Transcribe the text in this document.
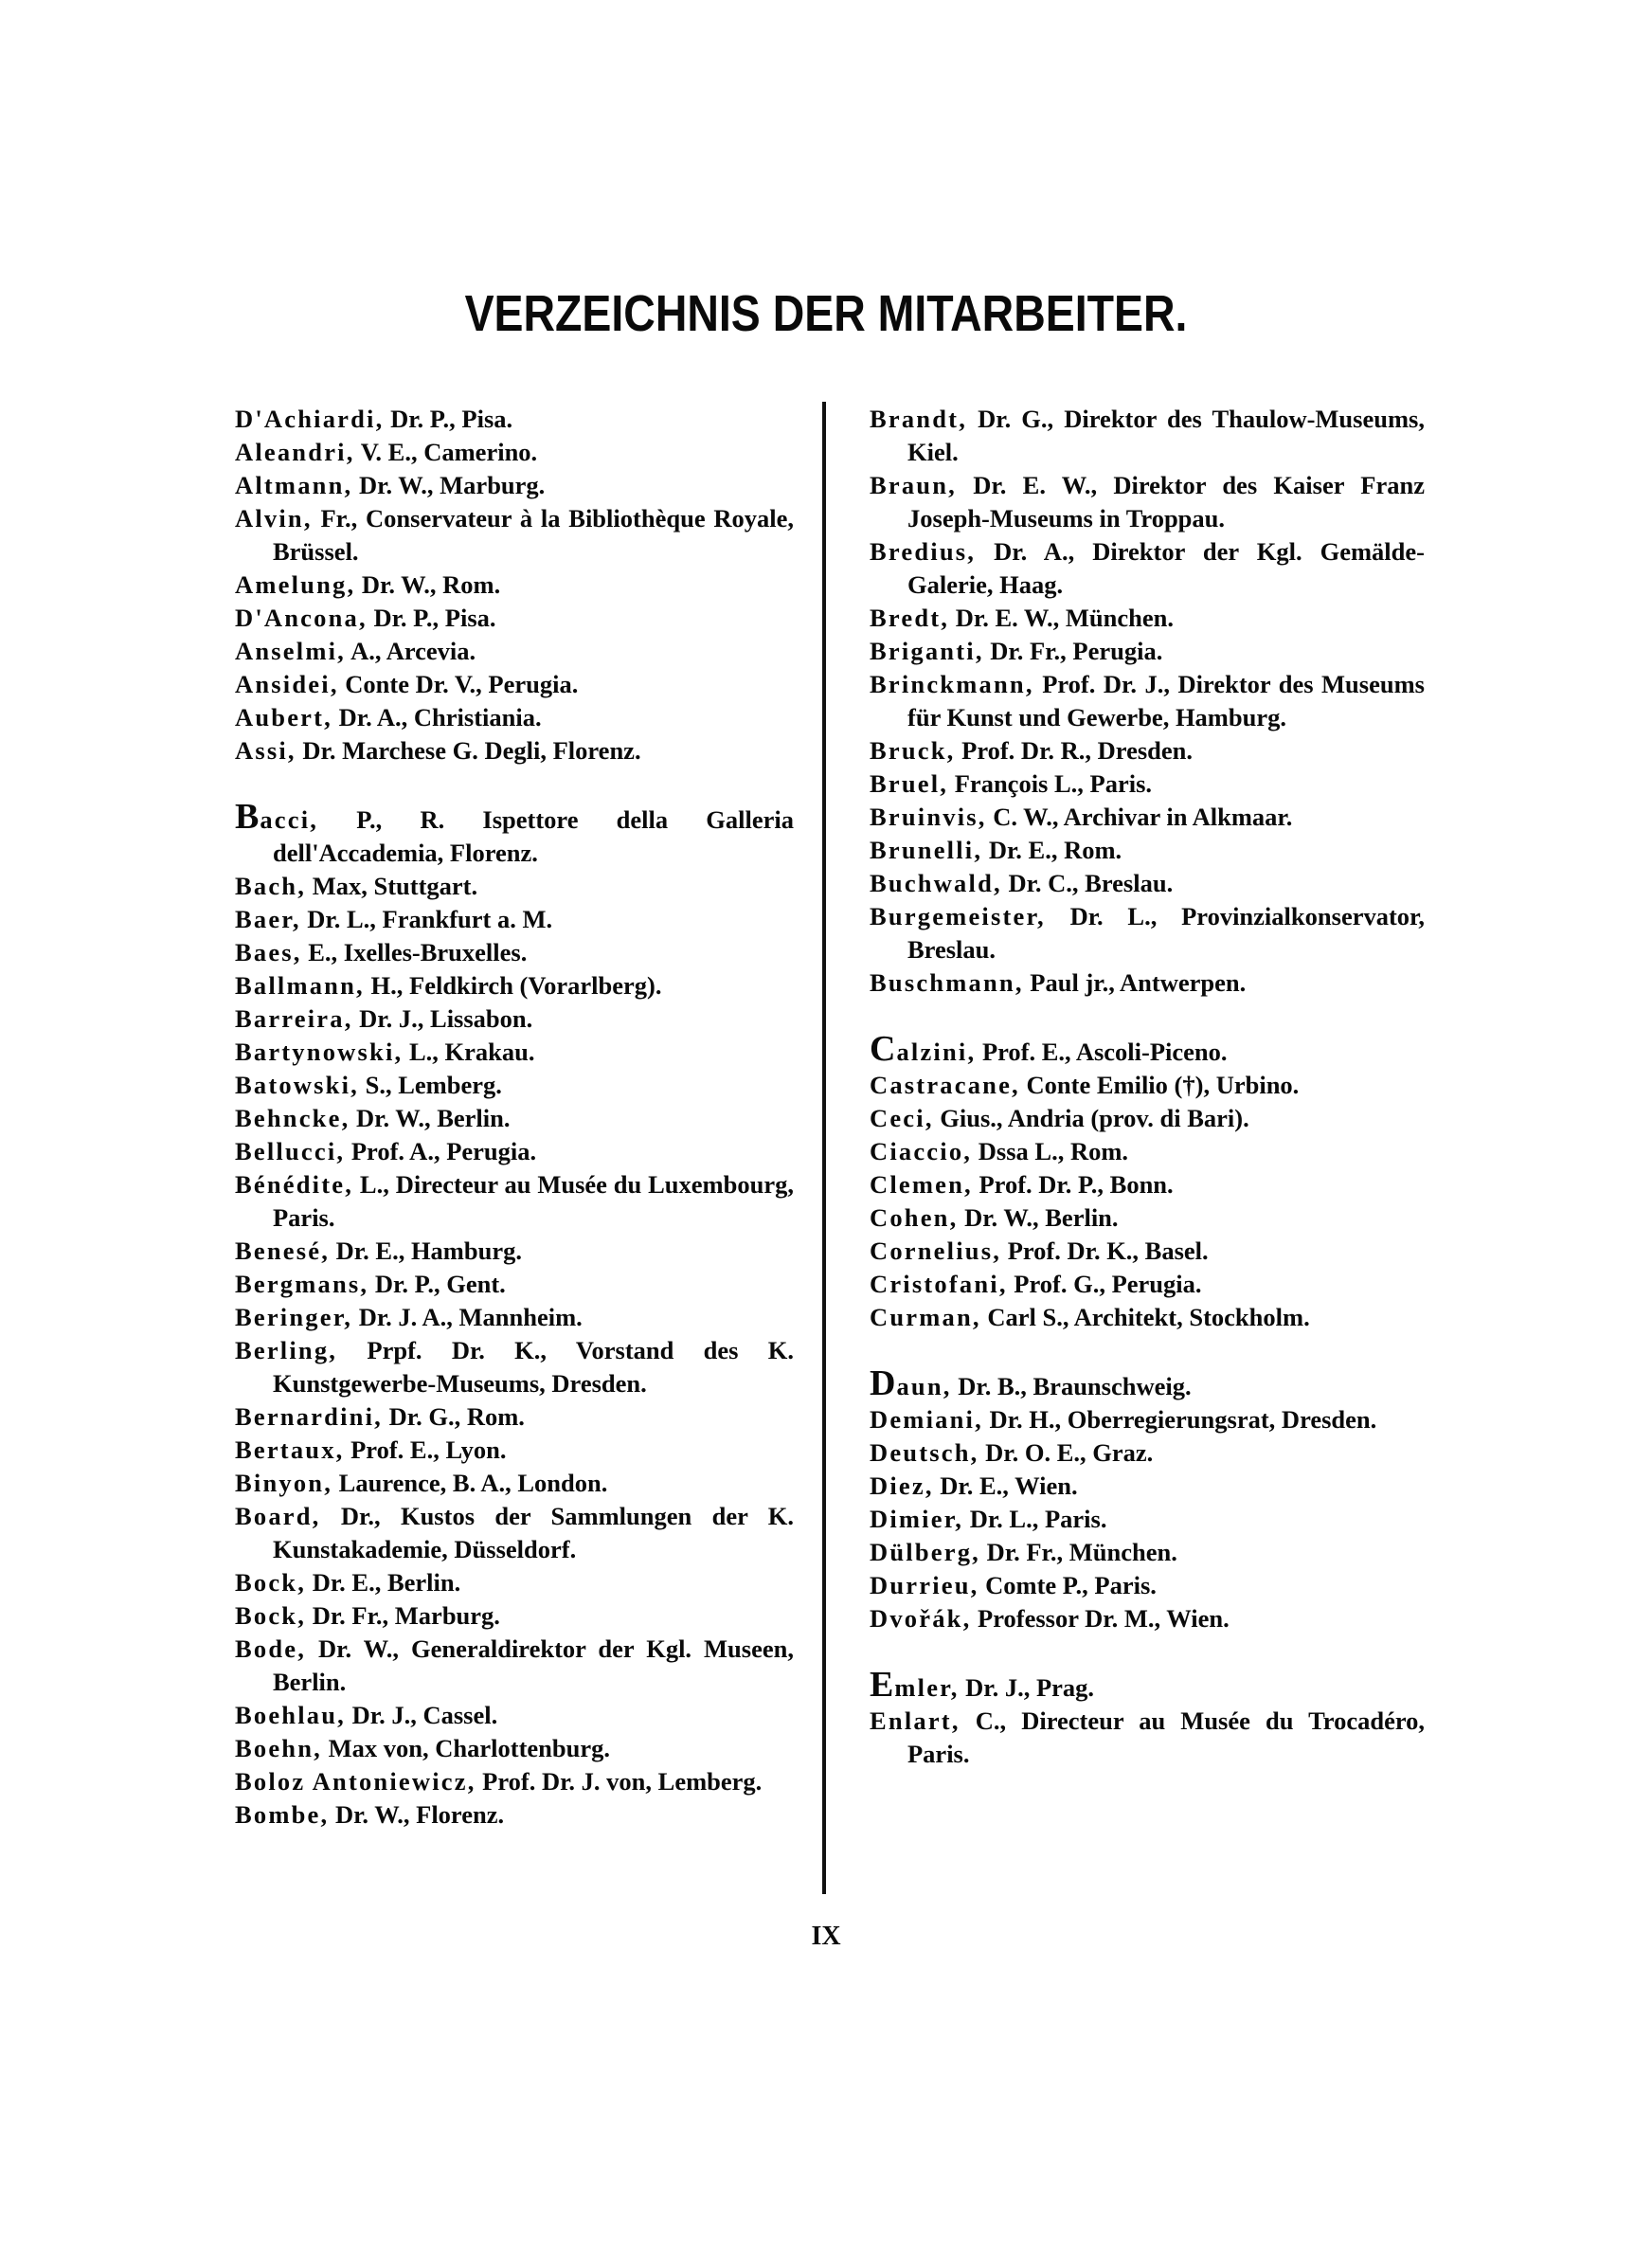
VERZEICHNIS DER MITARBEITER.
D'Achiardi, Dr. P., Pisa.
Aleandri, V. E., Camerino.
Altmann, Dr. W., Marburg.
Alvin, Fr., Conservateur à la Bibliothèque Royale, Brüssel.
Amelung, Dr. W., Rom.
D'Ancona, Dr. P., Pisa.
Anselmi, A., Arcevia.
Ansidei, Conte Dr. V., Perugia.
Aubert, Dr. A., Christiania.
Assi, Dr. Marchese G. Degli, Florenz.
Bacci, P., R. Ispettore della Galleria dell'Accademia, Florenz.
Bach, Max, Stuttgart.
Baer, Dr. L., Frankfurt a. M.
Baes, E., Ixelles-Bruxelles.
Ballmann, H., Feldkirch (Vorarlberg).
Barreira, Dr. J., Lissabon.
Bartynowski, L., Krakau.
Batowski, S., Lemberg.
Behncke, Dr. W., Berlin.
Bellucci, Prof. A., Perugia.
Bénédite, L., Directeur au Musée du Luxembourg, Paris.
Benesé, Dr. E., Hamburg.
Bergmans, Dr. P., Gent.
Beringer, Dr. J. A., Mannheim.
Berling, Prpf. Dr. K., Vorstand des K. Kunstgewerbe-Museums, Dresden.
Bernardini, Dr. G., Rom.
Bertaux, Prof. E., Lyon.
Binyon, Laurence, B. A., London.
Board, Dr., Kustos der Sammlungen der K. Kunstakademie, Düsseldorf.
Bock, Dr. E., Berlin.
Bock, Dr. Fr., Marburg.
Bode, Dr. W., Generaldirektor der Kgl. Museen, Berlin.
Boehlau, Dr. J., Cassel.
Boehn, Max von, Charlottenburg.
Boloz Antoniewicz, Prof. Dr. J. von, Lemberg.
Bombe, Dr. W., Florenz.
Brandt, Dr. G., Direktor des Thaulow-Museums, Kiel.
Braun, Dr. E. W., Direktor des Kaiser Franz Joseph-Museums in Troppau.
Bredius, Dr. A., Direktor der Kgl. Gemälde-Galerie, Haag.
Bredt, Dr. E. W., München.
Briganti, Dr. Fr., Perugia.
Brinckmann, Prof. Dr. J., Direktor des Museums für Kunst und Gewerbe, Hamburg.
Bruck, Prof. Dr. R., Dresden.
Bruel, François L., Paris.
Bruinvis, C. W., Archivar in Alkmaar.
Brunelli, Dr. E., Rom.
Buchwald, Dr. C., Breslau.
Burgemeister, Dr. L., Provinzialkonservator, Breslau.
Buschmann, Paul jr., Antwerpen.
Calzini, Prof. E., Ascoli-Piceno.
Castracane, Conte Emilio (†), Urbino.
Ceci, Gius., Andria (prov. di Bari).
Ciaccio, Dssa L., Rom.
Clemen, Prof. Dr. P., Bonn.
Cohen, Dr. W., Berlin.
Cornelius, Prof. Dr. K., Basel.
Cristofani, Prof. G., Perugia.
Curman, Carl S., Architekt, Stockholm.
Daun, Dr. B., Braunschweig.
Demiani, Dr. H., Oberregierungsrat, Dresden.
Deutsch, Dr. O. E., Graz.
Diez, Dr. E., Wien.
Dimier, Dr. L., Paris.
Dülberg, Dr. Fr., München.
Durrieu, Comte P., Paris.
Dvořák, Professor Dr. M., Wien.
Emler, Dr. J., Prag.
Enlart, C., Directeur au Musée du Trocadéro, Paris.
IX
